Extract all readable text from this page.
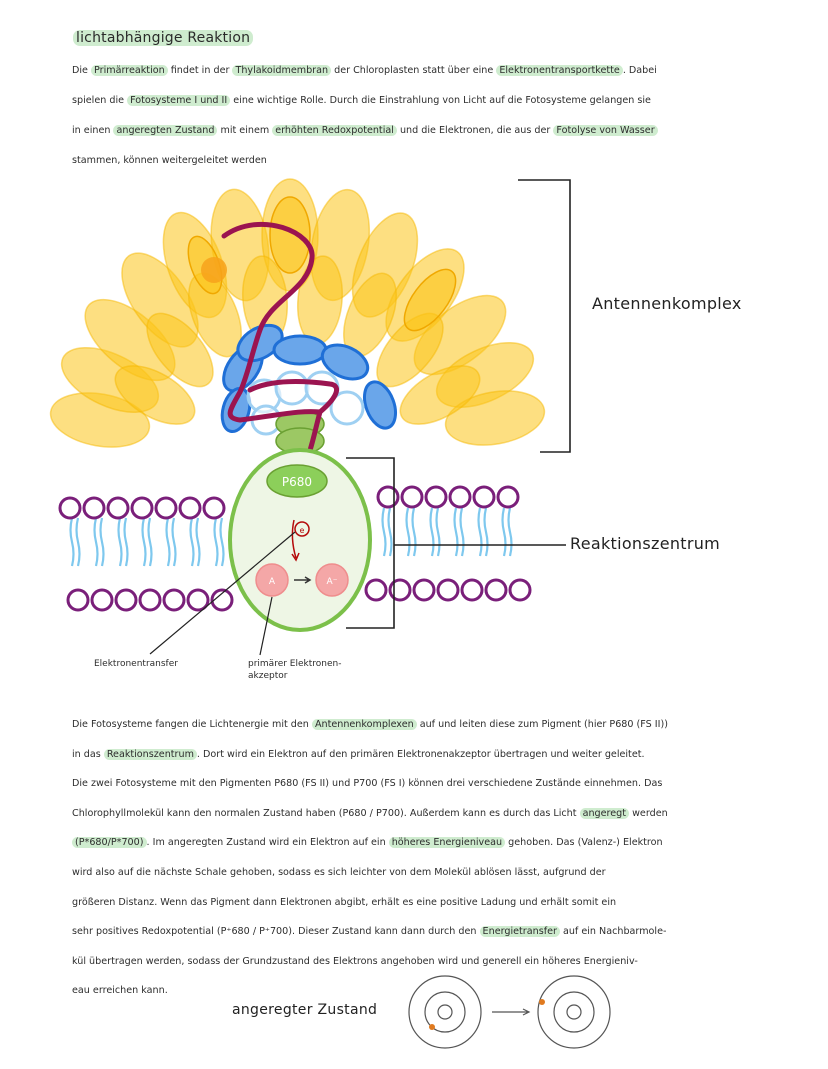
lichtabhängige Reaktion

Die Primärreaktion findet in der Thylakoidmembran der Chloroplasten statt über eine Elektronentransportkette . Dabei

spielen die Fotosysteme I und II eine wichtige Rolle. Durch die Einstrahlung von Licht auf die Fotosysteme gelangen sie

in einen angeregten Zustand mit einem erhöhten Redoxpotential und die Elektronen, die aus der Fotolyse von Wasser

stammen, können weitergeleitet werden

P680
e
A	A⁻
Antennenkomplex
Reaktionszentrum
Elektronentransfer	primärer Elektronen-
akzeptor

Die Fotosysteme fangen die Lichtenergie mit den Antennenkomplexen auf und leiten diese zum Pigment (hier P680 (FS II))

in das Reaktionszentrum . Dort wird ein Elektron auf den primären Elektronenakzeptor übertragen und weiter geleitet.

Die zwei Fotosysteme mit den Pigmenten P680 (FS II) und P700 (FS I) können drei verschiedene Zustände einnehmen. Das

Chlorophyllmolekül kann den normalen Zustand haben (P680 / P700). Außerdem kann es durch das Licht angeregt werden

(P*680/P*700) . Im angeregten Zustand wird ein Elektron auf ein höheres Energieniveau gehoben. Das (Valenz-) Elektron

wird also auf die nächste Schale gehoben, sodass es sich leichter von dem Molekül ablösen lässt, aufgrund der

größeren Distanz. Wenn das Pigment dann Elektronen abgibt, erhält es eine positive Ladung und erhält somit ein

sehr positives Redoxpotential (P⁺680 / P⁺700). Dieser Zustand kann dann durch den Energietransfer auf ein Nachbarmole-

kül übertragen werden, sodass der Grundzustand des Elektrons angehoben wird und generell ein höheres Energieniv-

eau erreichen kann.

angeregter Zustand
